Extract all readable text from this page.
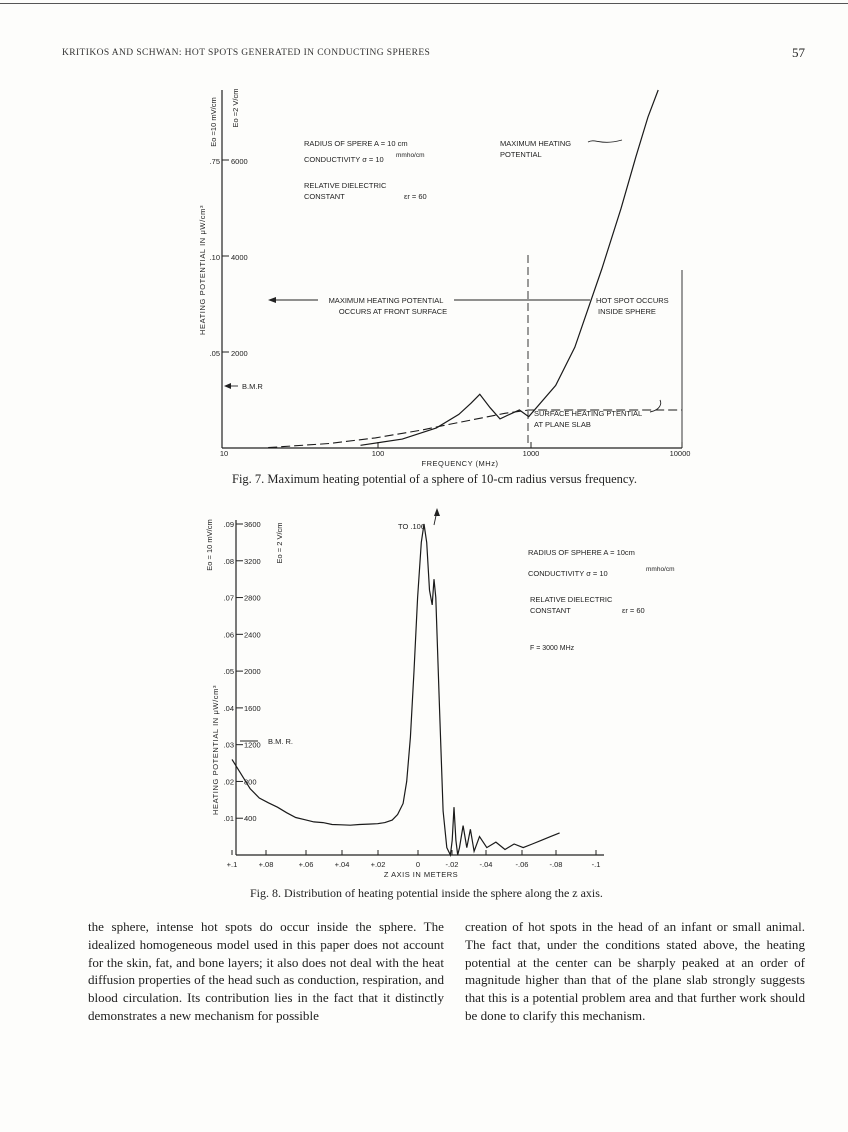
KRITIKOS AND SCHWAN: HOT SPOTS GENERATED IN CONDUCTING SPHERES	57
Eo =10 mV/cm Eo =2 V/cm
HEATING POTENTIAL IN μW/cm³
.75 6000
.10 4000
.05 2000
10	100	1000	10000
FREQUENCY (MHz)
RADIUS OF SPERE A = 10 cm
CONDUCTIVITY σ = 10 mmho/cm
RELATIVE DIELECTRIC
CONSTANT	εr = 60
MAXIMUM HEATING
POTENTIAL
MAXIMUM HEATING POTENTIAL
OCCURS AT FRONT SURFACE
HOT SPOT OCCURS
INSIDE SPHERE
SURFACE HEATING PTENTIAL
AT PLANE SLAB
B.M.R
Fig. 7. Maximum heating potential of a sphere of 10-cm radius versus frequency.
Eo = 10 mV/cm	Eo = 2 V/cm
HEATING POTENTIAL IN μW/cm³
.01 400
.02 800
.03 1200
.04 1600
.05 2000
.06 2400
.07 2800
.08 3200
.09 3600
+.1	+.08	+.06	+.04	+.02	0	-.02	-.04	-.06	-.08	-.1
Z AXIS IN METERS
TO .106
B.M. R.
RADIUS OF SPHERE A = 10cm
CONDUCTIVITY σ = 10	mmho/cm
RELATIVE DIELECTRIC
CONSTANT	εr = 60
F = 3000 MHz
Fig. 8. Distribution of heating potential inside the sphere along the z axis.
the sphere, intense hot spots do occur inside the sphere. The idealized homogeneous model used in this paper does not account for the skin, fat, and bone layers; it also does not deal with the heat diffusion properties of the head such as conduction, respiration, and blood circulation. Its contribution lies in the fact that it distinctly demonstrates a new mechanism for possible
creation of hot spots in the head of an infant or small animal. The fact that, under the conditions stated above, the heating potential at the center can be sharply peaked at an order of magnitude higher than that of the plane slab strongly suggests that this is a potential problem area and that further work should be done to clarify this mechanism.
